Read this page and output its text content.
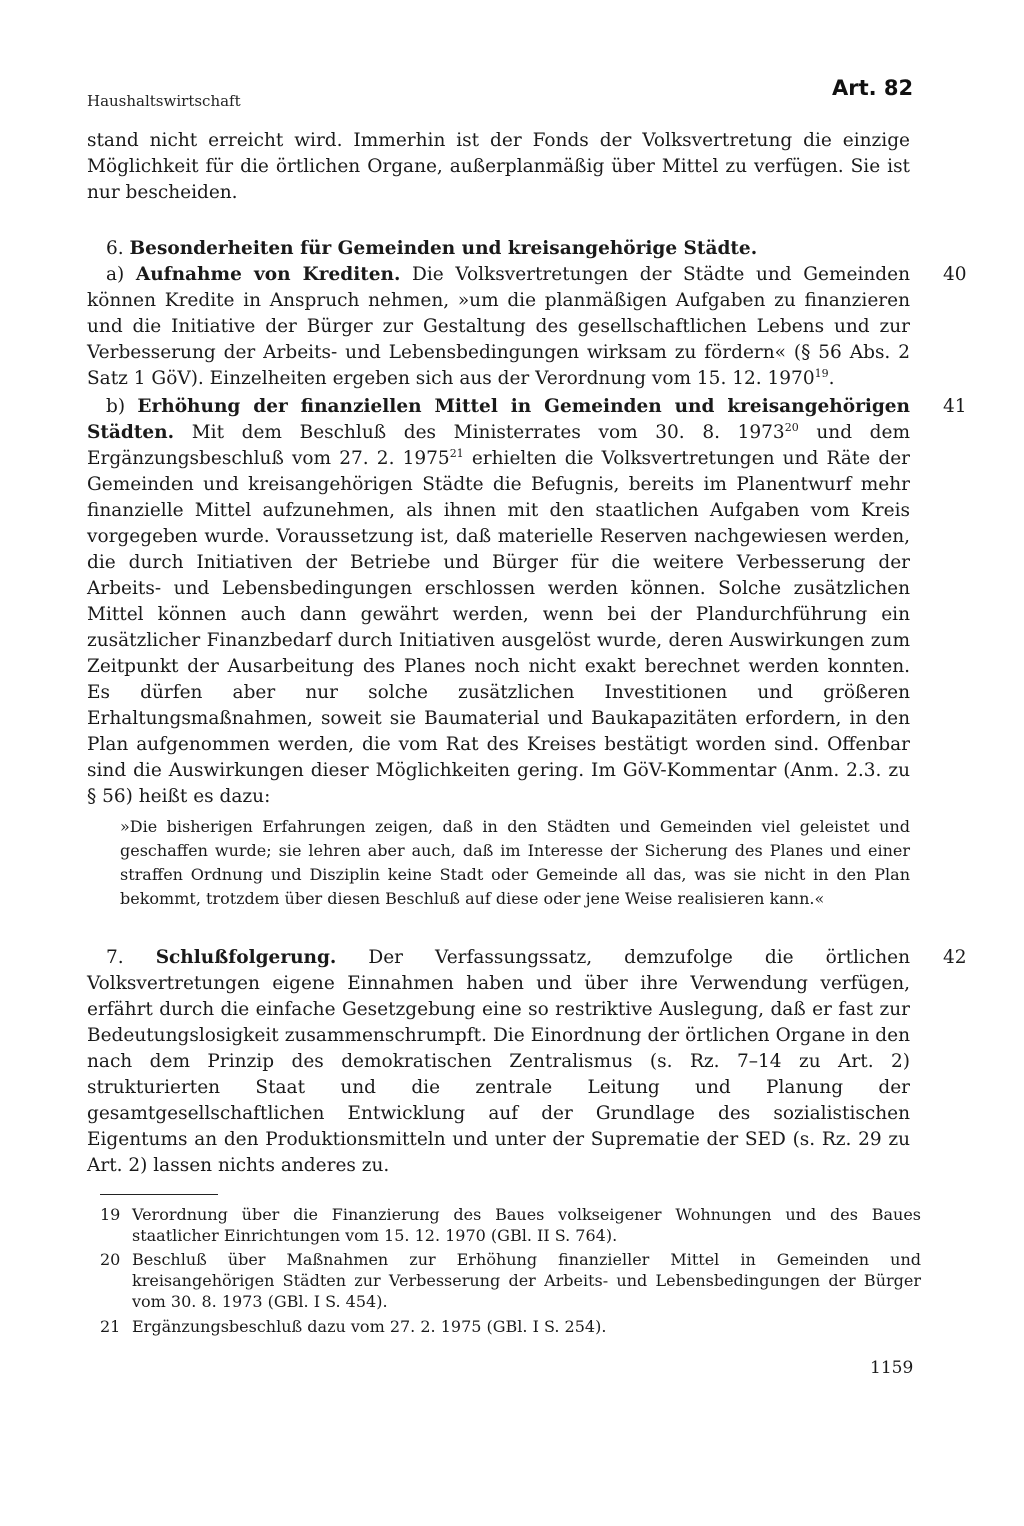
Haushaltswirtschaft
Art. 82

stand nicht erreicht wird. Immerhin ist der Fonds der Volksvertretung die einzige Möglichkeit für die örtlichen Organe, außerplanmäßig über Mittel zu verfügen. Sie ist nur bescheiden.

6. Besonderheiten für Gemeinden und kreisangehörige Städte.

a) Aufnahme von Krediten. Die Volksvertretungen der Städte und Gemeinden können Kredite in Anspruch nehmen, »um die planmäßigen Aufgaben zu finanzieren und die Initiative der Bürger zur Gestaltung des gesellschaftlichen Lebens und zur Verbesserung der Arbeits- und Lebensbedingungen wirksam zu fördern« (§ 56 Abs. 2 Satz 1 GöV). Einzelheiten ergeben sich aus der Verordnung vom 15. 12. 1970$^{19}$.

40

b) Erhöhung der finanziellen Mittel in Gemeinden und kreisangehörigen Städten. Mit dem Beschluß des Ministerrates vom 30. 8. 1973$^{20}$ und dem Ergänzungsbeschluß vom 27. 2. 1975$^{21}$ erhielten die Volksvertretungen und Räte der Gemeinden und kreisangehörigen Städte die Befugnis, bereits im Planentwurf mehr finanzielle Mittel aufzunehmen, als ihnen mit den staatlichen Aufgaben vom Kreis vorgegeben wurde. Voraussetzung ist, daß materielle Reserven nachgewiesen werden, die durch Initiativen der Betriebe und Bürger für die weitere Verbesserung der Arbeits- und Lebensbedingungen erschlossen werden können. Solche zusätzlichen Mittel können auch dann gewährt werden, wenn bei der Plandurchführung ein zusätzlicher Finanzbedarf durch Initiativen ausgelöst wurde, deren Auswirkungen zum Zeitpunkt der Ausarbeitung des Planes noch nicht exakt berechnet werden konnten. Es dürfen aber nur solche zusätzlichen Investitionen und größeren Erhaltungsmaßnahmen, soweit sie Baumaterial und Baukapazitäten erfordern, in den Plan aufgenommen werden, die vom Rat des Kreises bestätigt worden sind. Offenbar sind die Auswirkungen dieser Möglichkeiten gering. Im GöV-Kommentar (Anm. 2.3. zu § 56) heißt es dazu:

41

»Die bisherigen Erfahrungen zeigen, daß in den Städten und Gemeinden viel geleistet und geschaffen wurde; sie lehren aber auch, daß im Interesse der Sicherung des Planes und einer straffen Ordnung und Disziplin keine Stadt oder Gemeinde all das, was sie nicht in den Plan bekommt, trotzdem über diesen Beschluß auf diese oder jene Weise realisieren kann.«

7. Schlußfolgerung. Der Verfassungssatz, demzufolge die örtlichen Volksvertretungen eigene Einnahmen haben und über ihre Verwendung verfügen, erfährt durch die einfache Gesetzgebung eine so restriktive Auslegung, daß er fast zur Bedeutungslosigkeit zusammenschrumpft. Die Einordnung der örtlichen Organe in den nach dem Prinzip des demokratischen Zentralismus (s. Rz. 7–14 zu Art. 2) strukturierten Staat und die zentrale Leitung und Planung der gesamtgesellschaftlichen Entwicklung auf der Grundlage des sozialistischen Eigentums an den Produktionsmitteln und unter der Suprematie der SED (s. Rz. 29 zu Art. 2) lassen nichts anderes zu.

42

19 Verordnung über die Finanzierung des Baues volkseigener Wohnungen und des Baues staatlicher Einrichtungen vom 15. 12. 1970 (GBl. II S. 764).

20 Beschluß über Maßnahmen zur Erhöhung finanzieller Mittel in Gemeinden und kreisangehörigen Städten zur Verbesserung der Arbeits- und Lebensbedingungen der Bürger vom 30. 8. 1973 (GBl. I S. 454).

21 Ergänzungsbeschluß dazu vom 27. 2. 1975 (GBl. I S. 254).

1159
